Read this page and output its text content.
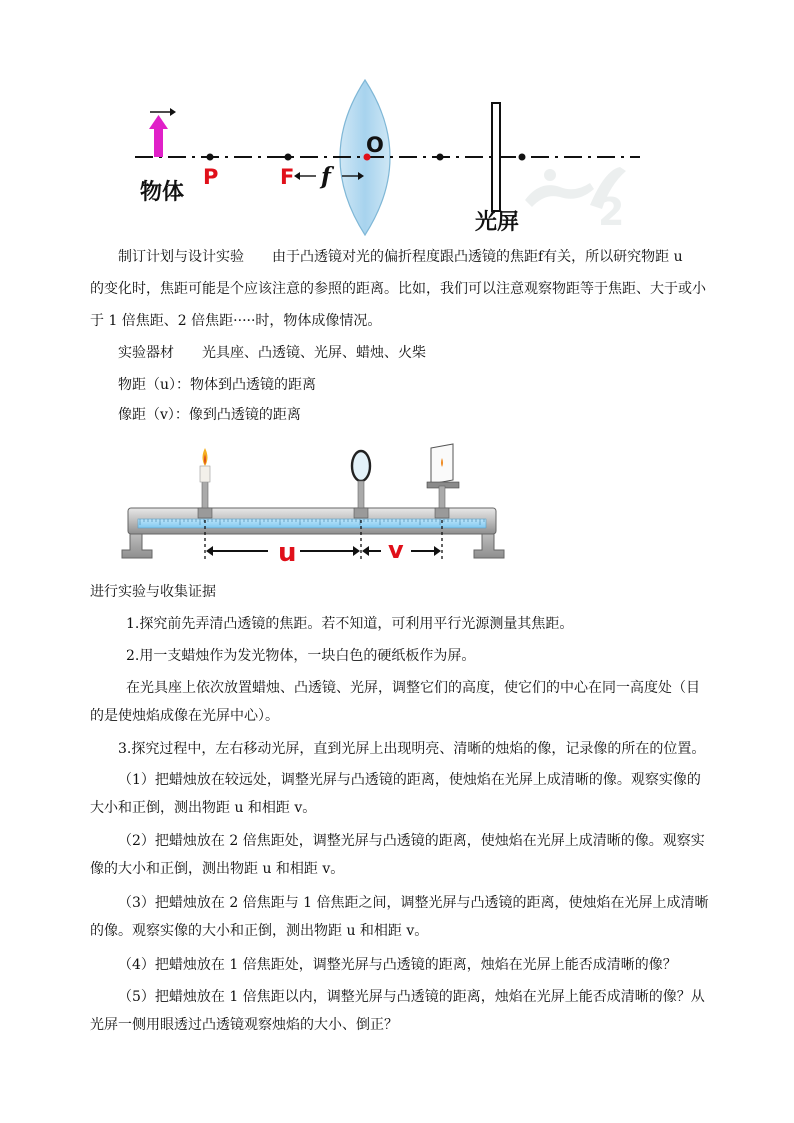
2
物体
P	F f
O
光屏
制订计划与设计实验 由于凸透镜对光的偏折程度跟凸透镜的焦距f有关，所以研究物距 u
的变化时，焦距可能是个应该注意的参照的距离。比如，我们可以注意观察物距等于焦距、大于或小
于 1 倍焦距、2 倍焦距·····时，物体成像情况。
实验器材 光具座、凸透镜、光屏、蜡烛、火柴
物距（u）：物体到凸透镜的距离
像距（v）：像到凸透镜的距离
u	v
进行实验与收集证据
1.探究前先弄清凸透镜的焦距。若不知道，可利用平行光源测量其焦距。
2.用一支蜡烛作为发光物体，一块白色的硬纸板作为屏。
在光具座上依次放置蜡烛、凸透镜、光屏，调整它们的高度，使它们的中心在同一高度处（目
的是使烛焰成像在光屏中心）。
3.探究过程中，左右移动光屏，直到光屏上出现明亮、清晰的烛焰的像，记录像的所在的位置。
（1）把蜡烛放在较远处，调整光屏与凸透镜的距离，使烛焰在光屏上成清晰的像。观察实像的
大小和正倒，测出物距 u 和相距 v。
（2）把蜡烛放在 2 倍焦距处，调整光屏与凸透镜的距离，使烛焰在光屏上成清晰的像。观察实
像的大小和正倒，测出物距 u 和相距 v。
（3）把蜡烛放在 2 倍焦距与 1 倍焦距之间，调整光屏与凸透镜的距离，使烛焰在光屏上成清晰
的像。观察实像的大小和正倒，测出物距 u 和相距 v。
（4）把蜡烛放在 1 倍焦距处，调整光屏与凸透镜的距离，烛焰在光屏上能否成清晰的像？
（5）把蜡烛放在 1 倍焦距以内，调整光屏与凸透镜的距离，烛焰在光屏上能否成清晰的像？从
光屏一侧用眼透过凸透镜观察烛焰的大小、倒正？
